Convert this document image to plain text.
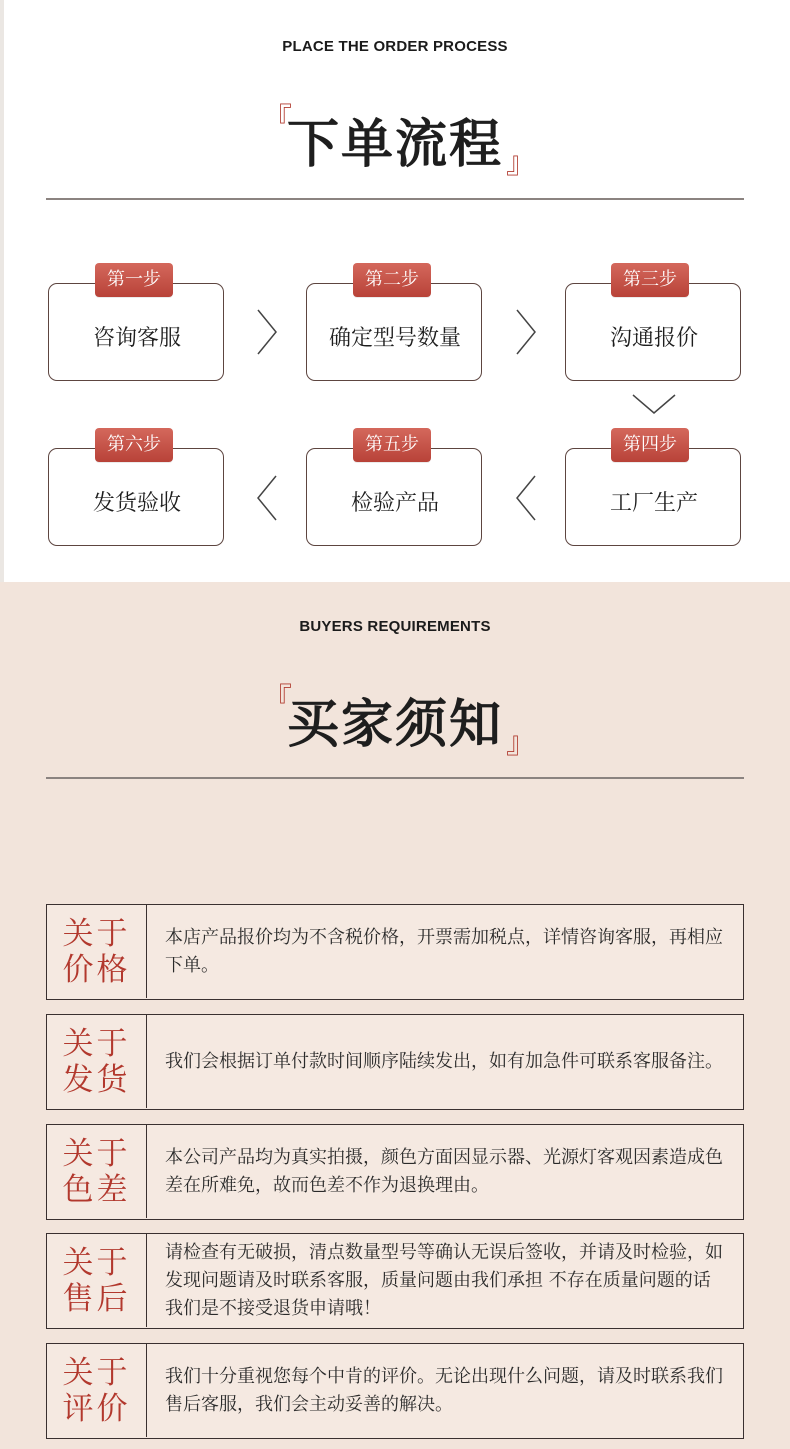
PLACE THE ORDER PROCESS
『
下单流程 』
咨询客服
第一步
确定型号数量
第二步
沟通报价
第三步
工厂生产
第四步
检验产品
第五步
发货验收
第六步
BUYERS REQUIREMENTS
『
买家须知 』
关于
价格
本店产品报价均为不含税价格，开票需加税点，详情咨询客服，再相应下单。
关于
发货
我们会根据订单付款时间顺序陆续发出，如有加急件可联系客服备注。
关于
色差
本公司产品均为真实拍摄，颜色方面因显示器、光源灯客观因素造成色差在所难免，故而色差不作为退换理由。
关于
售后
请检查有无破损，清点数量型号等确认无误后签收，并请及时检验，如发现问题请及时联系客服，质量问题由我们承担 不存在质量问题的话 我们是不接受退货申请哦！
关于
评价
我们十分重视您每个中肯的评价。无论出现什么问题，请及时联系我们售后客服，我们会主动妥善的解决。
